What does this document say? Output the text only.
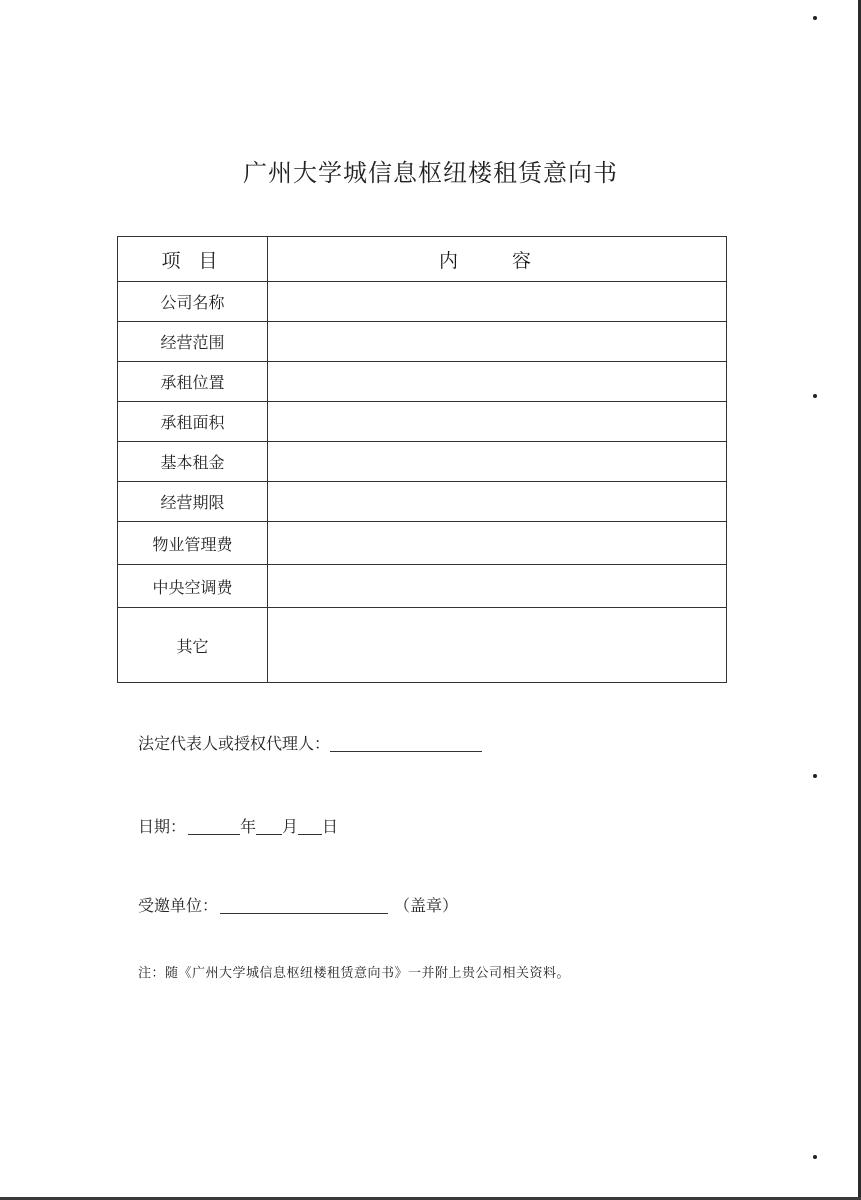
广州大学城信息枢纽楼租赁意向书
项 目	内 容
公司名称	
经营范围	
承租位置	
承租面积	
基本租金	
经营期限	
物业管理费	
中央空调费	
其它	
法定代表人或授权代理人：
日期：	年 月 日
受邀单位：	（盖章）
注：随《广州大学城信息枢纽楼租赁意向书》一并附上贵公司相关资料。
